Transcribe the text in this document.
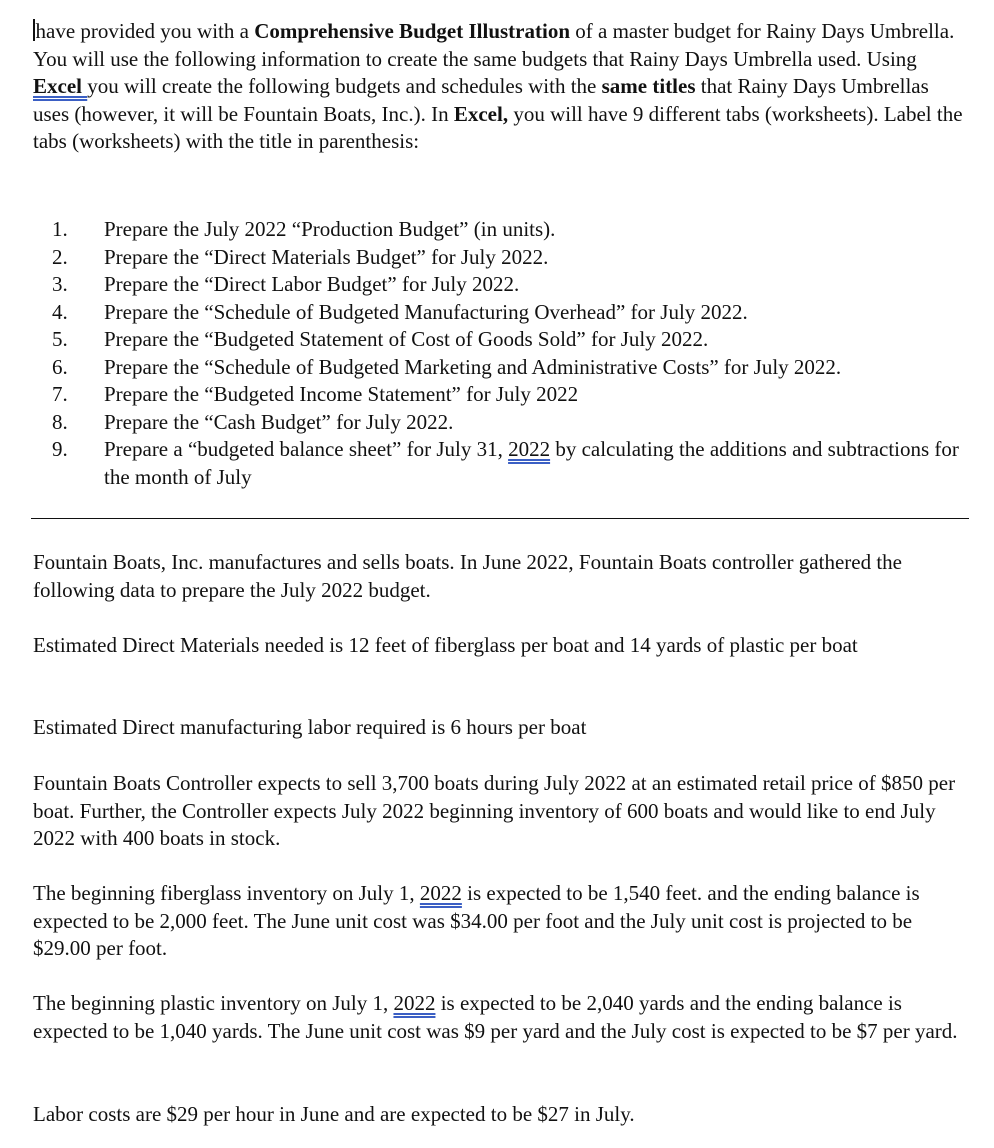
have provided you with a Comprehensive Budget Illustration of a master budget for Rainy Days Umbrella. You will use the following information to create the same budgets that Rainy Days Umbrella used. Using Excel you will create the following budgets and schedules with the same titles that Rainy Days Umbrellas uses (however, it will be Fountain Boats, Inc.). In Excel, you will have 9 different tabs (worksheets). Label the tabs (worksheets) with the title in parenthesis:

1. Prepare the July 2022 “Production Budget” (in units).
2. Prepare the “Direct Materials Budget” for July 2022.
3. Prepare the “Direct Labor Budget” for July 2022.
4. Prepare the “Schedule of Budgeted Manufacturing Overhead” for July 2022.
5. Prepare the “Budgeted Statement of Cost of Goods Sold” for July 2022.
6. Prepare the “Schedule of Budgeted Marketing and Administrative Costs” for July 2022.
7. Prepare the “Budgeted Income Statement” for July 2022
8. Prepare the “Cash Budget” for July 2022.
9. Prepare a “budgeted balance sheet” for July 31, 2022 by calculating the additions and subtractions for the month of July

Fountain Boats, Inc. manufactures and sells boats. In June 2022, Fountain Boats controller gathered the following data to prepare the July 2022 budget.

Estimated Direct Materials needed is 12 feet of fiberglass per boat and 14 yards of plastic per boat

Estimated Direct manufacturing labor required is 6 hours per boat

Fountain Boats Controller expects to sell 3,700 boats during July 2022 at an estimated retail price of $850 per boat. Further, the Controller expects July 2022 beginning inventory of 600 boats and would like to end July 2022 with 400 boats in stock.

The beginning fiberglass inventory on July 1, 2022 is expected to be 1,540 feet. and the ending balance is expected to be 2,000 feet. The June unit cost was $34.00 per foot and the July unit cost is projected to be $29.00 per foot.

The beginning plastic inventory on July 1, 2022 is expected to be 2,040 yards and the ending balance is expected to be 1,040 yards. The June unit cost was $9 per yard and the July cost is expected to be $7 per yard.

Labor costs are $29 per hour in June and are expected to be $27 in July.
